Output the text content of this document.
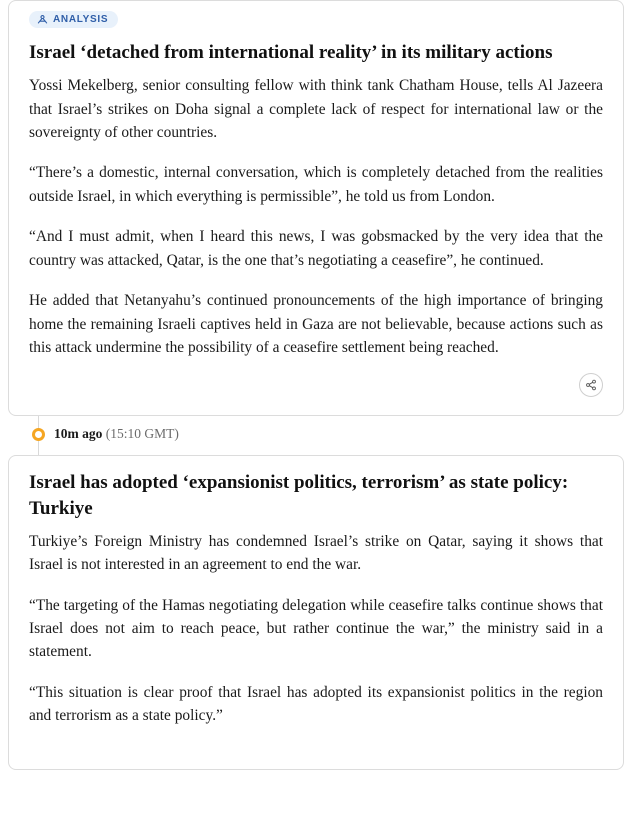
ANALYSIS
Israel ‘detached from international reality’ in its military actions

Yossi Mekelberg, senior consulting fellow with think tank Chatham House, tells Al Jazeera that Israel’s strikes on Doha signal a complete lack of respect for international law or the sovereignty of other countries.

“There’s a domestic, internal conversation, which is completely detached from the realities outside Israel, in which everything is permissible”, he told us from London.

“And I must admit, when I heard this news, I was gobsmacked by the very idea that the country was attacked, Qatar, is the one that’s negotiating a ceasefire”, he continued.

He added that Netanyahu’s continued pronouncements of the high importance of bringing home the remaining Israeli captives held in Gaza are not believable, because actions such as this attack undermine the possibility of a ceasefire settlement being reached.

10m ago (15:10 GMT)
Israel has adopted ‘expansionist politics, terrorism’ as state policy: Turkiye

Turkiye’s Foreign Ministry has condemned Israel’s strike on Qatar, saying it shows that Israel is not interested in an agreement to end the war.

“The targeting of the Hamas negotiating delegation while ceasefire talks continue shows that Israel does not aim to reach peace, but rather continue the war,” the ministry said in a statement.

“This situation is clear proof that Israel has adopted its expansionist politics in the region and terrorism as a state policy.”
